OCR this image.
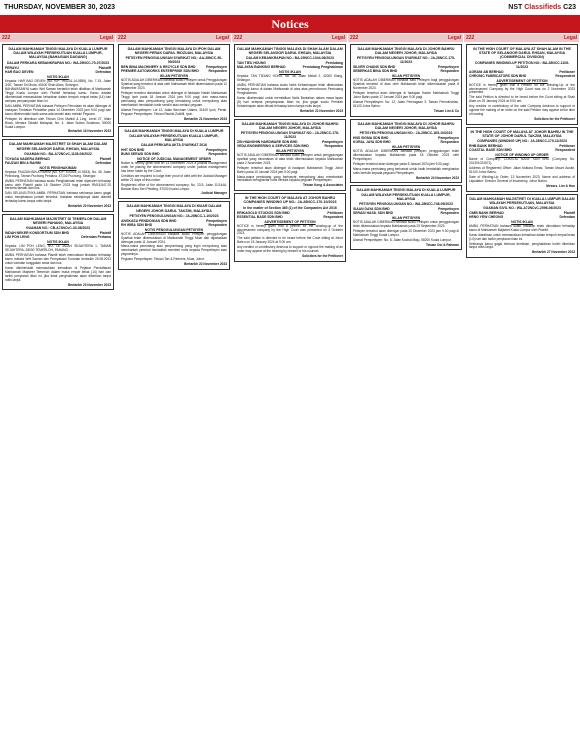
THURSDAY, NOVEMBER 30, 2023	NST Classifieds C23
Notices
222	Legal 222	Legal 222	Legal 222	Legal 222	Legal
DALAM MAHKAMAH TINGGI MALAYA DI KUALA LUMPUR DALAM WILAYAH PERSEKUTUAN KUALA LUMPUR, MALAYSIA (BAHAGIAN DAGANG)
DALAM PERKARA KEBANKRAPAN NO.: WA-29NCC-70-07/2023
PERAYU	Plaintiff
HAR BAO DEVEN	Defendan
NOTIS IKLAN

Kepada: HAR BAO DEVEN (No. K/P: 990101-14-5555), No. 7-15, Jalan 3/1E, Taman Sri Muda, 40400 Shah Alam, Selangor.

BAHAWASANYA suatu Writ Saman bertarikh telah difailkan di Mahkamah Tinggi Kuala Lumpur oleh Plaintif terhadap kamu. Kamu adalah dikehendaki memasukkan kehadiran dalam tempoh empat belas (14) hari selepas penyampaian iklan ini.

DAN AMBIL PERHATIAN bahawa Petisyen Pemulaan ini akan didengar di hadapan Timbalan Pendaftar pada 14 Disember 2023 jam 9.00 pagi dan kamu dikehendaki hadir sama ada sendiri atau melalui Peguam.

Petisyen ini diberikan oleh Tetuan Chin Mahidi & Ling, Level 27, Main Block, Menara Takaful Malaysia, No. 4, Jalan Sultan Sulaiman, 50000 Kuala Lumpur.

Bertarikh 16 November 2023
DALAM MAHKAMAH MAJISTRET DI SHAH ALAM DALAM NEGERI SELANGOR DARUL EHSAN, MALAYSIA
GUAMAN NO.: BA-A72NCvC-1128-06/2022
TOYAGA NADERA BERHAD	Plaintif
FAUZAN BIN A RAHIM	Defendan
NOTIS PENGHAKIMAN

Kepada: FAUZAN BIN A RAHIM (No. K/P: 870504-10-5533), No. 45, Jalan Pelindung, Taman Puchong Perdana, 47100 Puchong, Selangor.

AMBIL PERHATIAN bahawa suatu Penghakiman telah diperoleh terhadap kamu oleh Plaintif pada 18 Oktober 2023 bagi jumlah RM18,547.20 berserta faedah dan kos.

DAN SELANJUTNYA AMBIL PERHATIAN bahawa sekiranya kamu gagal untuk menjelaskan jumlah tersebut, tindakan selanjutnya akan diambil terhadap kamu tanpa notis lanjut.

Bertarikh 20 November 2023
DALAM MAHKAMAH MAJISTRET DI TEMERLOH DALAM NEGERI PAHANG, MALAYSIA
GUAMAN NO.: CB-A73NCvC-33-08/2023
INDAH NEKER KONSORTIUM SDN BHD	Plaintif
LIM POH LENG	Defendan Pertama
NOTIS IKLAN

Kepada: LIM POH LENG, NO. 18 JALAN SEJAHTERA 1, TAMAN SEJAHTERA, 28000 TEMERLOH, PAHANG.

AMBIL PERHATIAN bahawa Plaintif telah memulakan tindakan terhadap kamu melalui Writ Saman dan Pernyataan Tuntutan bertarikh 25.08.2023 untuk tuntutan tunggakan sewa dan kos.

Kamu dikehendaki memasukkan kehadiran di Pejabat Pendaftaran Mahkamah Majistret Temerloh dalam masa empat belas (14) hari dari tarikh penyiaran iklan ini, jika tidak penghakiman akan diberikan tanpa notis lanjut.

Bertarikh 23 November 2023
DALAM MAHKAMAH TINGGI MALAYA DI IPOH DALAM NEGERI PERAK DARUL RIDZUAN, MALAYSIA
PETISYEN PENGGULUNGAN SYARIKAT NO.: AA-28NCC-50-09/2023
BEN BINA MACHINERY & RECYCLE SDN BHD	Pempetisyen
PREMIER AUTOWORKS ENTERPRISE SDN BHD	Responden
IKLAN PETISYEN

NOTIS ADALAH DIBERIKAN bahawa suatu Petisyen untuk Penggulungan Syarikat yang tersebut di atas oleh Mahkamah telah dikemukakan pada 12 September 2023.

Petisyen tersebut diarahkan untuk didengar di hadapan Hakim Mahkamah Tinggi Ipoh pada 18 Januari 2024 jam 9.00 pagi; dan mana-mana pemiutang atau penyumbang yang bercadang untuk menyokong atau membantah hendaklah hadir sendiri atau melalui peguam.

Alamat Pempetisyen: Lot 12, Jalan Bercham Utama, 31400 Ipoh, Perak. Peguam Pempetisyen: Tetuan Rashid Zulkifli, Ipoh.

Bertarikh 21 November 2023
DALAM MAHKAMAH TINGGI MALAYA DI KUALA LUMPUR DALAM WILAYAH PERSEKUTUAN KUALA LUMPUR, MALAYSIA
DALAM PERKARA AKTA SYARIKAT 2016
HHT SDN BHD	Pempetisyen
BUMI SERASI SDN BHD	Responden
NOTICE OF JUDICIAL MANAGEMENT ORDER

Notice is hereby given that on 13 November 2023 a judicial management order for placing the abovenamed company under judicial management has been made by the Court.

Creditors are required to lodge their proof of debt with the Judicial Manager within 21 days of this notice.

Registered office of the abovenamed company: No. 23-5, Jalan 11/144A, Bandar Baru Seri Petaling, 57000 Kuala Lumpur.

Judicial Manager
DALAM MAHKAMAH TINGGI MALAYA DI MUAR DALAM NEGERI JOHOR DARUL TAKZIM, MALAYSIA
PETISYEN PENGGULUNGAN NO.: JA-28NCC-1-10/2023
ANGKASA PENDIDIKAN SDN BHD	Pempetisyen
RH WIRA SDN BHD	Responden
NOTIS PENGGULUNGAN PETISYEN

NOTIS ADALAH DIBERIKAN bahawa suatu Petisyen penggulungan Syarikat telah dikemukakan di Mahkamah Tinggi Muar dan dijadualkan didengar pada 11 Januari 2024.

Mana-mana pemiutang atau penyumbang yang ingin menyokong atau membantah perintah hendaklah memberi notis kepada Pempetisyen atau peguamnya.

Peguam Pempetisyen: Tetuan Tan & Partners, Muar, Johor.

Bertarikh 22 November 2023
DALAM MAHKAMAH TINGGI MALAYA DI SHAH ALAM DALAM NEGERI SELANGOR DARUL EHSAN, MALAYSIA
DALAM KEBANKRAPAN NO.: BA-29NCC-1044-06/2023
TAN TIEU HOUNG	Pemiutang
MALAYAN BANKING BERHAD	Pemiutang Penghakiman
NOTIS IKLAN

Kepada: TAN TIEANG HONG, No. 38, Jalan Melati 2, 42000 Klang, Selangor.

AMBIL PERHATIAN bahawa suatu Notis Kebankrapan telah dikeluarkan terhadap kamu di dalam Mahkamah di atas atas permohonan Pemiutang Penghakiman.

Kamu dikehendaki untuk memfailkan Notis Bantahan dalam masa lapan (8) hari selepas penyampaian iklan ini, jika gagal suatu Perintah Kebankrapan akan dibuat terhadap kamu tanpa notis lanjut.

Bertarikh 22 November 2023
DALAM MAHKAMAH TINGGI MALAYA DI JOHOR BAHRU DALAM NEGERI JOHOR, MALAYSIA
PETISYEN PENGGULUNGAN SYARIKAT NO.: JA-28NCC-178-11/2023
ZIN HIANGHIN HARDWARE SDN BHD	Pempetisyen
VEDA ENGINEERING & SERVICES SDN BHD	Responden
IKLAN PETISYEN

NOTIS ADALAH DIBERIKAN bahawa suatu petisyen untuk penggulungan syarikat yang dinamakan di atas telah dikemukakan kepada Mahkamah pada 2 November 2023.

Petisyen tersebut akan didengar di hadapan Mahkamah Tinggi Johor Bahru pada 10 Januari 2024 jam 9.00 pagi.

Mana-mana pemiutang yang berhasrat menyokong atau membantah hendaklah menghantar notis bertulis kepada peguam Pempetisyen.

Tetuan Kong & Associates
IN THE HIGH COURT OF MALAYA AT JOHOR BAHRU COMPANIES WINDING UP NO.: JA-28NCC-170-10/2023
In the matter of Section 465 (1) of the Companies Act 2016
ERIKAGOLD STUDIOS SDN BHD	Petitioner
ESSENTIAL BASE SDN BHD	Respondent
ADVERTISEMENT OF PETITION

NOTICE is hereby given that a petition for the winding-up of the abovenamed company by the High Court was presented on 3 October 2023.

The said petition is directed to be heard before the Court sitting at Johor Bahru on 15 January 2024 at 9.00 am.

Any creditor or contributory desirous to support or oppose the making of an order may appear at the hearing by himself or his counsel.

Solicitors for the Petitioner
DALAM MAHKAMAH TINGGI MALAYA DI JOHOR BAHRU DALAM NEGERI JOHOR, MALAYSIA
PETISYEN PENGGULUNGAN SYARIKAT NO.: JA-28NCC-175-11/2023
SILVER CHAINS SDN BHD	Pempetisyen
SEBERKAS BINA SDN BHD	Responden
IKLAN PETISYEN

NOTIS ADALAH DIBERIKAN bahawa satu Petisyen bagi penggulungan Syarikat tersebut di atas oleh Mahkamah telah dikemukakan pada 8 November 2023.

Petisyen tersebut akan didengar di hadapan Hakim Mahkamah Tinggi Johor Bahru pada 17 Januari 2024 jam 9.00 pagi.

Alamat Pempetisyen: No. 12, Jalan Perniagaan 3, Taman Perindustrian, 81100 Johor Bahru.

Tetuan Lim & Co
DALAM MAHKAMAH TINGGI MALAYA DI JOHOR BAHRU DALAM NEGERI JOHOR, MALAYSIA
PETISYEN PENGGULUNGAN NO.: JA-28NCC-165-10/2023
HNS SIGMA SDN BHD	Pempetisyen
KORAL JAYA SDN BHD	Responden
IKLAN PETISYEN

NOTIS ADALAH DIBERIKAN bahawa petisyen penggulungan telah dikemukakan kepada Mahkamah pada 18 Oktober 2023 oleh Pempetisyen.

Petisyen tersebut akan didengar pada 8 Januari 2024 jam 9.00 pagi.

Mana-mana pemiutang yang berhasrat untuk hadir hendaklah menghantar notis bertulis kepada peguam Pempetisyen.

Bertarikh 24 November 2023
DALAM MAHKAMAH TINGGI MALAYA DI KUALA LUMPUR DALAM WILAYAH PERSEKUTUAN KUALA LUMPUR, MALAYSIA
PETISYEN PENGGULUNGAN NO.: WA-28NCC-748-09/2023
SIAAN DAYA SDN BHD	Pempetisyen
SERASI HASIL SDN BHD	Responden
IKLAN PETISYEN

NOTIS ADALAH DIBERIKAN bahawa suatu Petisyen untuk penggulungan telah dikemukakan kepada Mahkamah pada 25 September 2023.

Petisyen tersebut akan didengar pada 20 Disember 2023 jam 9.00 pagi di Mahkamah Tinggi Kuala Lumpur.

Alamat Pempetisyen: No. 8, Jalan Kuchai Maju, 58200 Kuala Lumpur.

Tetuan Ooi & Rahman
IN THE HIGH COURT OF MALAYA AT SHAH ALAM IN THE STATE OF SELANGOR DARUL EHSAN, MALAYSIA (COMMERCIAL DIVISION)
COMPANIES WINDING-UP PETITION NO.: BA-28NCC-1106-11/2023
AGRANI AB BERHAD	Petitioner
CHRONIC FABRICATORS SDN BHD	Respondent
ADVERTISEMENT OF PETITION

NOTICE is hereby given that a Petition for the Winding-Up of the abovenamed Company by the High Court was on 2 November 2023 presented.

The said Petition is directed to be heard before the Court sitting at Shah Alam on 29 January 2024 at 9.00 am.

Any creditor or contributory of the said Company desirous to support or oppose the making of an order on the said Petition may appear at the time of hearing.

Solicitors for the Petitioner
IN THE HIGH COURT OF MALAYA AT JOHOR BAHRU IN THE STATE OF JOHOR DARUL TAKZIM, MALAYSIA
COMPANIES (WINDING UP) NO.: JA-28NCC-179-11/2023
RHB BANK BERHAD	Petitioner
COASTAL BASE SDN BHD	Respondent
NOTICE OF WINDING UP ORDER

Name of Company: COASTAL BASE SDN BHD (Company No. 201301024571).

Address of Registered Office: Jalan Mutiara Emas, Taman Mount Austin, 81100 Johor Bahru.

Date of Winding-Up Order: 13 November 2023. Name and address of Liquidator: Director General of Insolvency, Johor Bahru.

Messrs. Lim & Hoo
DALAM MAHKAMAH MAJISTRET DI KUALA LUMPUR DALAM WILAYAH PERSEKUTUAN, MALAYSIA
GUAMAN SIVIL NO.: WA-A72NCvC-2596-06/2023
CIMB BANK BERHAD	Plaintif
HENG YEW CHEONG	Defendan
NOTIS IKLAN

AMBIL PERHATIAN bahawa suatu tindakan telah dimulakan terhadap kamu di Mahkamah Majistret Kuala Lumpur oleh Plaintif.

Kamu diarahkan untuk memasukkan kehadiran dalam tempoh empat belas (14) hari dari tarikh penyiaran iklan ini.

Sekiranya kamu gagal berbuat demikian, penghakiman boleh diberikan tanpa notis lanjut.

Bertarikh 27 November 2023
